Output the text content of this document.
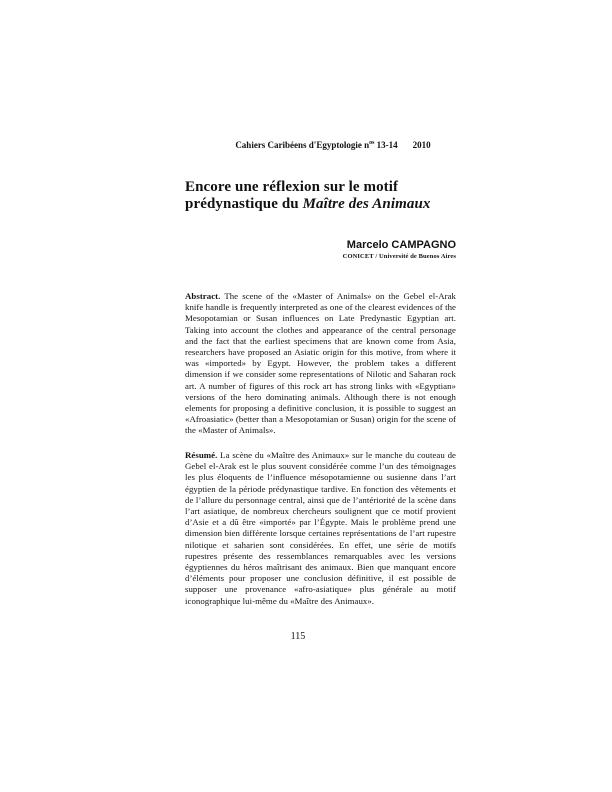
Cahiers Caribéens d'Egyptologie $n^{os}$ 13-14 2010
Encore une réflexion sur le motif
prédynastique du Maître des Animaux
Marcelo CAMPAGNO
CONICET / Université de Buenos Aires

Abstract. The scene of the «Master of Animals» on the Gebel el-Arak knife handle is frequently interpreted as one of the clearest evidences of the Mesopotamian or Susan influences on Late Predynastic Egyptian art. Taking into account the clothes and appearance of the central personage and the fact that the earliest specimens that are known come from Asia, researchers have proposed an Asiatic origin for this motive, from where it was «imported» by Egypt. However, the problem takes a different dimension if we consider some representations of Nilotic and Saharan rock art. A number of figures of this rock art has strong links with «Egyptian» versions of the hero dominating animals. Although there is not enough elements for proposing a definitive conclusion, it is possible to suggest an «Afroasiatic» (better than a Mesopotamian or Susan) origin for the scene of the «Master of Animals».

Résumé. La scène du «Maître des Animaux» sur le manche du couteau de Gebel el-Arak est le plus souvent considérée comme l’un des témoignages les plus éloquents de l’influence mésopotamienne ou susienne dans l’art égyptien de la période prédynastique tardive. En fonction des vêtements et de l’allure du personnage central, ainsi que de l’antériorité de la scène dans l’art asiatique, de nombreux chercheurs soulignent que ce motif provient d’Asie et a dû être «importé» par l’Égypte. Mais le problème prend une dimension bien différente lorsque certaines représentations de l’art rupestre nilotique et saharien sont considérées. En effet, une série de motifs rupestres présente des ressemblances remarquables avec les versions égyptiennes du héros maîtrisant des animaux. Bien que manquant encore d’éléments pour proposer une conclusion définitive, il est possible de supposer une provenance «afro-asiatique» plus générale au motif iconographique lui-même du «Maître des Animaux».

115
